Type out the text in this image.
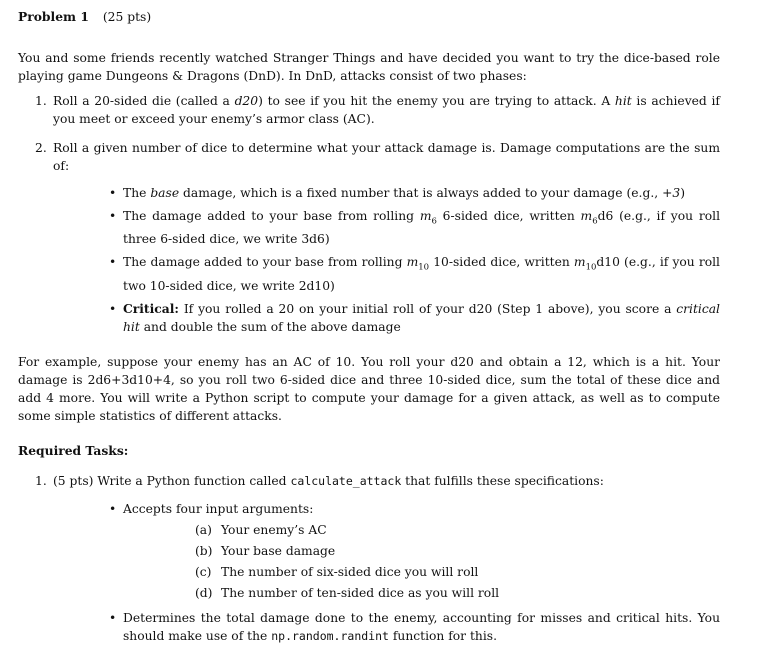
Problem 1 (25 pts)

You and some friends recently watched Stranger Things and have decided you want to try the dice-based role playing game Dungeons & Dragons (DnD). In DnD, attacks consist of two phases:

1. Roll a 20-sided die (called a d20) to see if you hit the enemy you are trying to attack. A hit is achieved if you meet or exceed your enemy’s armor class (AC).
2. Roll a given number of dice to determine what your attack damage is. Damage computations are the sum of:
• The base damage, which is a fixed number that is always added to your damage (e.g., +3)
• The damage added to your base from rolling $m_6$ 6-sided dice, written $m_6d6$ (e.g., if you roll three 6-sided dice, we write 3d6)
• The damage added to your base from rolling $m_{10}$ 10-sided dice, written $m_{10}d10$ (e.g., if you roll two 10-sided dice, we write 2d10)
• Critical: If you rolled a 20 on your initial roll of your d20 (Step 1 above), you score a critical hit and double the sum of the above damage

For example, suppose your enemy has an AC of 10. You roll your d20 and obtain a 12, which is a hit. Your damage is 2d6+3d10+4, so you roll two 6-sided dice and three 10-sided dice, sum the total of these dice and add 4 more. You will write a Python script to compute your damage for a given attack, as well as to compute some simple statistics of different attacks.

Required Tasks:
1. (5 pts) Write a Python function called calculate_attack that fulfills these specifications:
• Accepts four input arguments:
(a) Your enemy’s AC
(b) Your base damage
(c) The number of six-sided dice you will roll
(d) The number of ten-sided dice as you will roll
• Determines the total damage done to the enemy, accounting for misses and critical hits. You should make use of the np.random.randint function for this.
